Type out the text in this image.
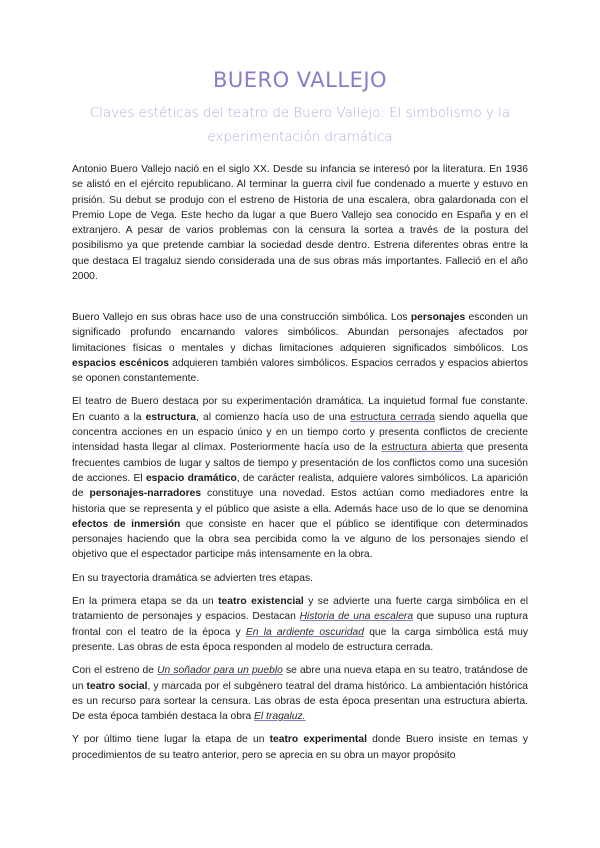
BUERO VALLEJO
Claves estéticas del teatro de Buero Vallejo: El simbolismo y la experimentación dramática

Antonio Buero Vallejo nació en el siglo XX. Desde su infancia se interesó por la literatura. En 1936 se alistó en el ejército republicano. Al terminar la guerra civil fue condenado a muerte y estuvo en prisión. Su debut se produjo con el estreno de Historia de una escalera, obra galardonada con el Premio Lope de Vega. Este hecho da lugar a que Buero Vallejo sea conocido en España y en el extranjero. A pesar de varios problemas con la censura la sortea a través de la postura del posibilismo ya que pretende cambiar la sociedad desde dentro. Estrena diferentes obras entre la que destaca El tragaluz siendo considerada una de sus obras más importantes. Falleció en el año 2000.

Buero Vallejo en sus obras hace uso de una construcción simbólica. Los personajes esconden un significado profundo encarnando valores simbólicos. Abundan personajes afectados por limitaciones físicas o mentales y dichas limitaciones adquieren significados simbólicos. Los espacios escénicos adquieren también valores simbólicos. Espacios cerrados y espacios abiertos se oponen constantemente.

El teatro de Buero destaca por su experimentación dramática. La inquietud formal fue constante. En cuanto a la estructura, al comienzo hacía uso de una estructura cerrada siendo aquella que concentra acciones en un espacio único y en un tiempo corto y presenta conflictos de creciente intensidad hasta llegar al clímax. Posteriormente hacía uso de la estructura abierta que presenta frecuentes cambios de lugar y saltos de tiempo y presentación de los conflictos como una sucesión de acciones. El espacio dramático, de carácter realista, adquiere valores simbólicos. La aparición de personajes-narradores constituye una novedad. Estos actúan como mediadores entre la historia que se representa y el público que asiste a ella. Además hace uso de lo que se denomina efectos de inmersión que consiste en hacer que el público se identifique con determinados personajes haciendo que la obra sea percibida como la ve alguno de los personajes siendo el objetivo que el espectador participe más intensamente en la obra.

En su trayectoria dramática se advierten tres etapas.

En la primera etapa se da un teatro existencial y se advierte una fuerte carga simbólica en el tratamiento de personajes y espacios. Destacan Historia de una escalera que supuso una ruptura frontal con el teatro de la época y En la ardiente oscuridad que la carga simbólica está muy presente. Las obras de esta época responden al modelo de estructura cerrada.

Con el estreno de Un soñador para un pueblo se abre una nueva etapa en su teatro, tratándose de un teatro social, y marcada por el subgénero teatral del drama histórico. La ambientación histórica es un recurso para sortear la censura. Las obras de esta época presentan una estructura abierta. De esta época también destaca la obra El tragaluz.

Y por último tiene lugar la etapa de un teatro experimental donde Buero insiste en temas y procedimientos de su teatro anterior, pero se aprecia en su obra un mayor propósito
